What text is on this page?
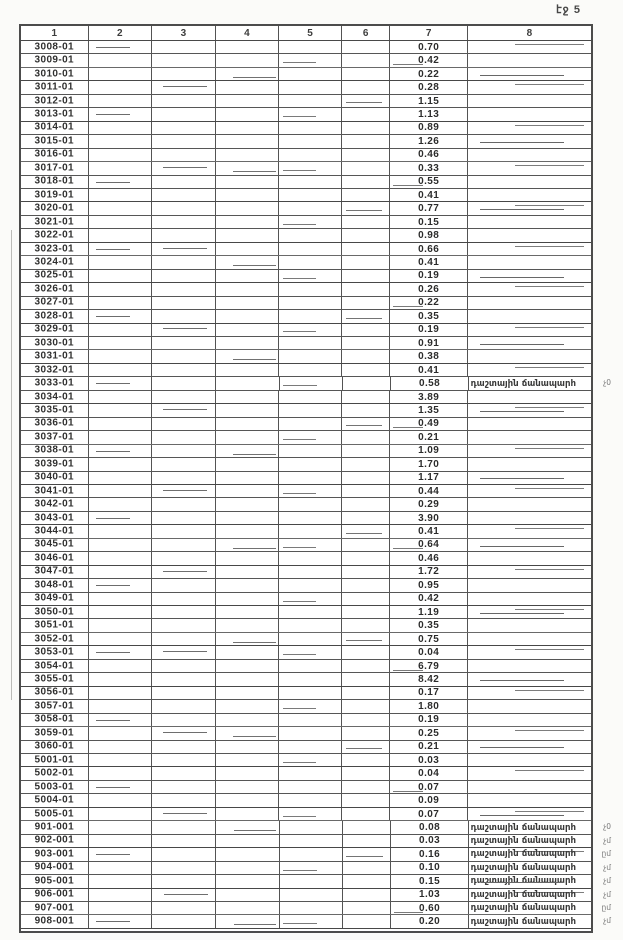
էջ 5
1	2	3	4	5	6	7	8
3008-01	0.70
3009-01	0.42
3010-01	0.22
3011-01	0.28
3012-01	1.15
3013-01	1.13
3014-01	0.89
3015-01	1.26
3016-01	0.46
3017-01	0.33
3018-01	0.55
3019-01	0.41
3020-01	0.77
3021-01	0.15
3022-01	0.98
3023-01	0.66
3024-01	0.41
3025-01	0.19
3026-01	0.26
3027-01	0.22
3028-01	0.35
3029-01	0.19
3030-01	0.91
3031-01	0.38
3032-01	0.41
3033-01	0.58	դաշտային ճանապարհ	չ0
3034-01	3.89
3035-01	1.35
3036-01	0.49
3037-01	0.21
3038-01	1.09
3039-01	1.70
3040-01	1.17
3041-01	0.44
3042-01	0.29
3043-01	3.90
3044-01	0.41
3045-01	0.64
3046-01	0.46
3047-01	1.72
3048-01	0.95
3049-01	0.42
3050-01	1.19
3051-01	0.35
3052-01	0.75
3053-01	0.04
3054-01	6.79
3055-01	8.42
3056-01	0.17
3057-01	1.80
3058-01	0.19
3059-01	0.25
3060-01	0.21
5001-01	0.03
5002-01	0.04
5003-01	0.07
5004-01	0.09
5005-01	0.07
901-001	0.08	դաշտային ճանապարհ	չ0
902-001	0.03	դաշտային ճանապարհ	չմ
903-001	0.16	դաշտային ճանապարհ	ըմ
904-001	0.10	դաշտային ճանապարհ	չմ
905-001	0.15	դաշտային ճանապարհ	չմ
906-001	1.03	դաշտային ճանապարհ	չմ
907-001	0.60	դաշտային ճանապարհ	ըմ
908-001	0.20	դաշտային ճանապարհ	չմ
